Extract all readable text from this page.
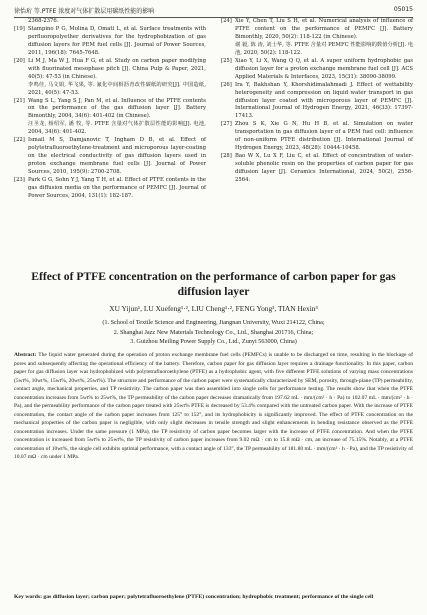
徐怡珩 等.PTFE 浓度对气体扩散层用碳纸性能的影响	05015
2368-2376.
[19] Stampino P G, Molina D, Omati L, et al. Surface treatments with perfluoropolyether derivatives for the hydrophobization of gas diffusion layers for PEM fuel cells [J]. Journal of Power Sources, 2011, 196(18): 7645-7648.
[20] Li M J, Ma W J, Hua F G, et al. Study on carbon paper modifying with fluorinated mesophase pitch [J]. China Pulp & Paper, 2021, 40(5): 47-53 (in Chinese).
李鸣佳, 马文娟, 华飞果, 等. 氟化中间相沥青改性碳纸的研究[J]. 中国造纸, 2021, 40(5): 47-53.
[21] Wang S L, Yang S J, Pan M, et al. Influence of the PTFE contents on the performance of the gas diffusion layer [J]. Battery Bimonthly, 2004, 34(6): 401-402 (in Chinese).
汪圣龙, 杨绍军, 潘 牧, 等. PTFE 含量对气体扩散层性能的影响[J]. 电池, 2004, 34(6): 401-402.
[22] Ismail M S, Damjanovic T, Ingham D B, et al. Effect of polytetrafluoroethylene-treatment and microporous layer-coating on the electrical conductivity of gas diffusion layers used in proton exchange membrane fuel cells [J]. Journal of Power Sources, 2010, 195(9): 2700-2708.
[23] Park G G, Sohn Y J, Yang T H, et al. Effect of PTFE contents in the gas diffusion media on the performance of PEMFC [J]. Journal of Power Sources, 2004, 131(1): 182-187.
[24] Xie Y, Chen T, Liu S H, et al. Numerical analysis of influence of PTFE content on the performance of PEMFC [J]. Battery Bimonthly, 2020, 50(2): 118-122 (in Chinese).
谢 毅, 陈 涛, 刘士华, 等. PTFE 含量对 PEMFC 性能影响的数值分析[J]. 电池, 2020, 50(2): 118-122.
[25] Xiao Y, Li X, Wang Q Q, et al. A super uniform hydrophobic gas diffusion layer for a proton exchange membrane fuel cell [J]. ACS Applied Materials & Interfaces, 2023, 15(31): 38090-38099.
[26] Ira Y, Bakhshan Y, Khorshidimalahmadi J. Effect of wettability heterogeneity and compression on liquid water transport in gas diffusion layer coated with microporous layer of PEMFC [J]. International Journal of Hydrogen Energy, 2021, 46(33): 17397-17413.
[27] Zhou S K, Xie G N, Hu H B, et al. Simulation on water transportation in gas diffusion layer of a PEM fuel cell: influence of non-uniform PTFE distribution [J]. International Journal of Hydrogen Energy, 2023, 48(28): 10444-10458.
[28] Bao W X, Lu X F, Liu C, et al. Effect of concentration of water-soluble phenolic resin on the properties of carbon paper for gas diffusion layer [J]. Ceramics International, 2024, 50(2), 2556-2564.
Effect of PTFE concentration on the performance of carbon paper for gas diffusion layer
XU Yijun¹, LU Xuefeng¹·², LIU Cheng¹·², FENG Yong³, TIAN Hexin³
(1. School of Textile Science and Engineering, Jiangnan University, Wuxi 214122, China;
2. Shanghai Jazz New Materials Technology Co., Ltd., Shanghai 201716, China;
3. Guizhou Meiling Power Supply Co., Ltd., Zunyi 563000, China)
Abstract: The liquid water generated during the operation of proton exchange membrane fuel cells (PEMFCs) is unable to be discharged on time, resulting in the blockage of pores and subsequently affecting the operational efficiency of the battery. Therefore, carbon paper for gas diffusion layer requires a drainage functionality. In this paper, carbon paper for gas diffusion layer was hydrophobized with polytetrafluoroethylene (PTFE) as a hydrophobic agent, with five different PTFE solutions of varying mass concentrations (5wt%, 10wt%, 15wt%, 20wt%, 25wt%). The structure and performance of the carbon paper were systematically characterized by SEM, porosity, through-plane (TP) permeability, contact angle, mechanical properties, and TP resistivity. The carbon paper was then assembled into single cells for performance testing. The results show that when the PTFE concentration increases from 5wt% to 25wt%, the TP permeability of the carbon paper decreases dramatically from 197.62 mL · mm/(cm² · h · Pa) to 102.07 mL · mm/(cm² · h · Pa), and the permeability performance of the carbon paper treated with 25wt% PTFE is decreased by 53.4% compared with the untreated carbon paper. With the increase of PTFE concentration, the contact angle of the carbon paper increases from 125° to 152°, and its hydrophobicity is significantly improved. The effect of PTFE concentration on the mechanical properties of the carbon paper is negligible, with only slight decreases in tensile strength and slight enhancements in bending resistance observed as the PTFE concentration increases. Under the same pressure (1 MPa), the TP resistivity of carbon paper becomes larger with the increase of PTFE concentration. And when the PTFE concentration is increased from 5wt% to 25wt%, the TP resistivity of carbon paper increases from 9.02 mΩ · cm to 15.8 mΩ · cm, an increase of 75.15%. Notably, at a PTFE concentration of 10wt%, the single cell exhibits optimal performance, with a contact angle of 133°, the TP permeability of 181.80 mL · mm/(cm² · h · Pa), and the TP resistivity of 10.07 mΩ · cm under 1 MPa.
Key words: gas diffusion layer; carbon paper; polytetrafluoroethylene (PTFE) concentration; hydrophobic treatment; performance of the single cell
